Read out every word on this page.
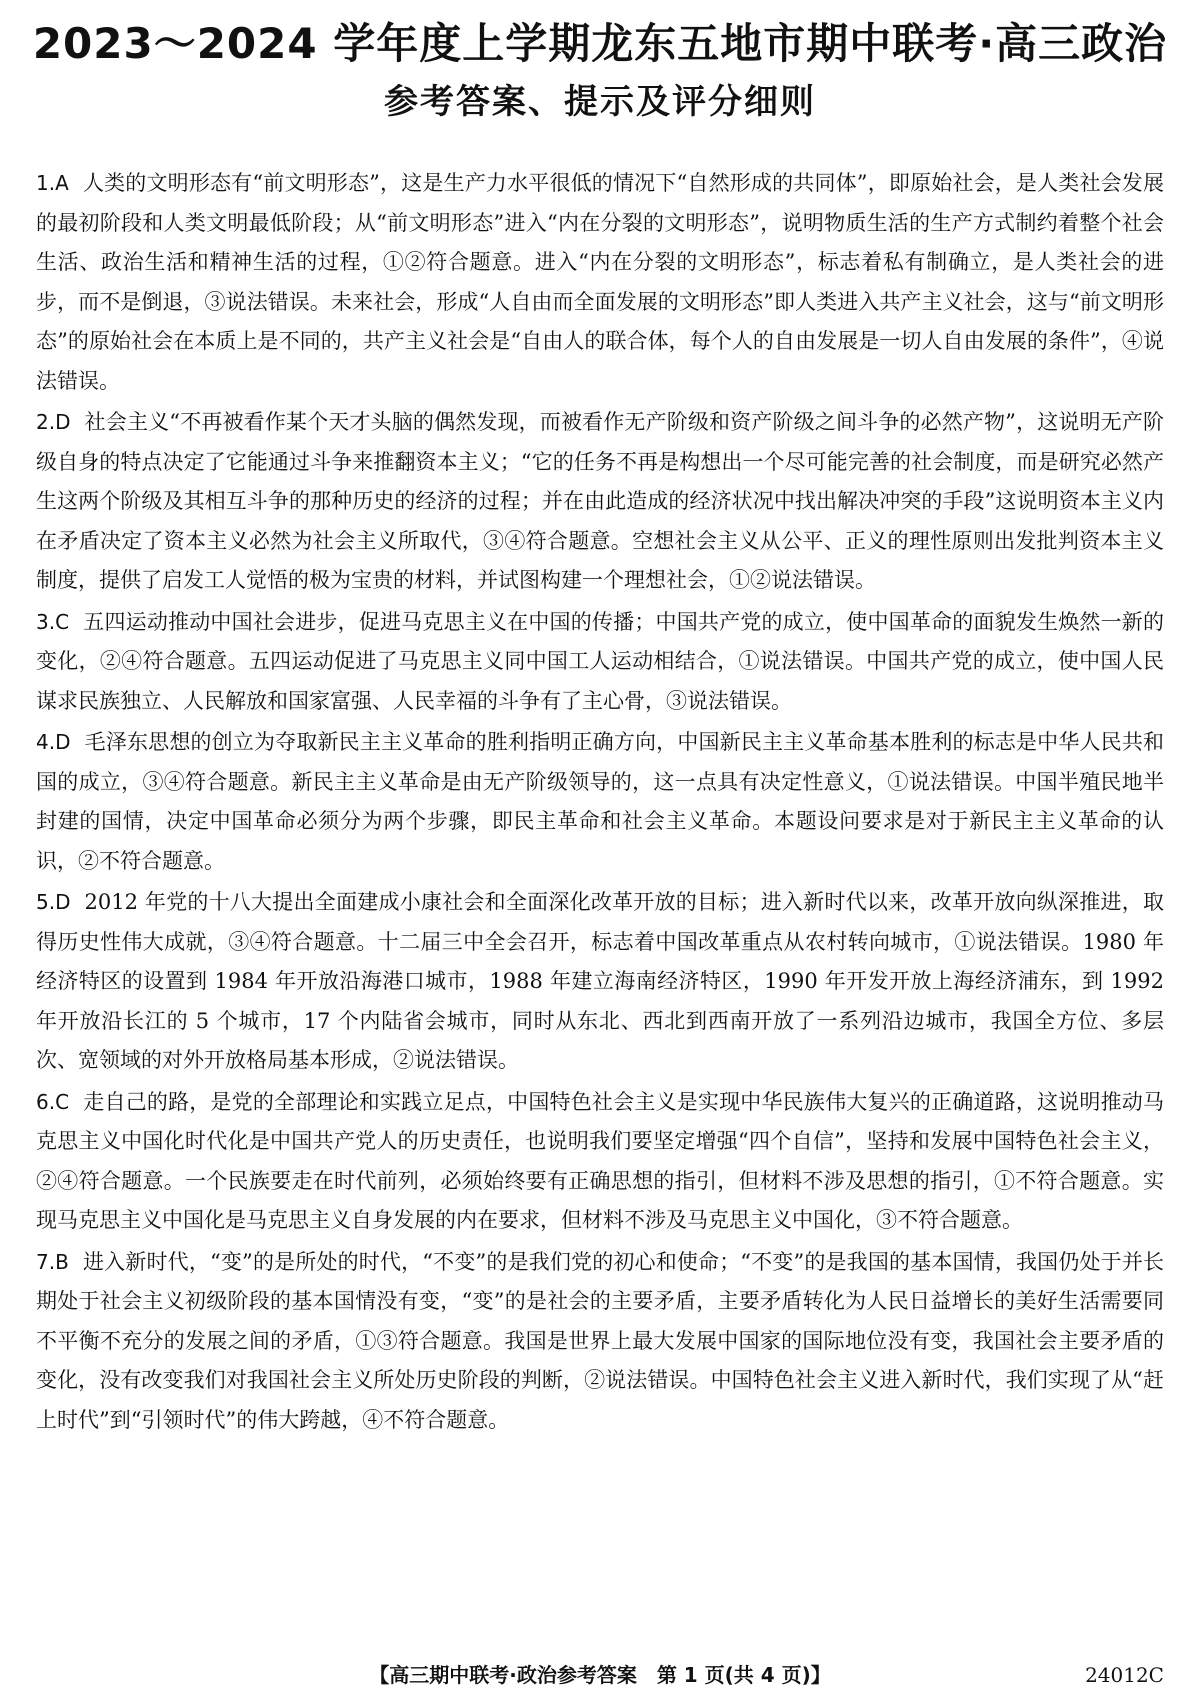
2023～2024 学年度上学期龙东五地市期中联考·高三政治
参考答案、提示及评分细则

1.A 人类的文明形态有“前文明形态”，这是生产力水平很低的情况下“自然形成的共同体”，即原始社会，是人类社会发展的最初阶段和人类文明最低阶段；从“前文明形态”进入“内在分裂的文明形态”，说明物质生活的生产方式制约着整个社会生活、政治生活和精神生活的过程，①②符合题意。进入“内在分裂的文明形态”，标志着私有制确立，是人类社会的进步，而不是倒退，③说法错误。未来社会，形成“人自由而全面发展的文明形态”即人类进入共产主义社会，这与“前文明形态”的原始社会在本质上是不同的，共产主义社会是“自由人的联合体，每个人的自由发展是一切人自由发展的条件”，④说法错误。

2.D 社会主义“不再被看作某个天才头脑的偶然发现，而被看作无产阶级和资产阶级之间斗争的必然产物”，这说明无产阶级自身的特点决定了它能通过斗争来推翻资本主义；“它的任务不再是构想出一个尽可能完善的社会制度，而是研究必然产生这两个阶级及其相互斗争的那种历史的经济的过程；并在由此造成的经济状况中找出解决冲突的手段”这说明资本主义内在矛盾决定了资本主义必然为社会主义所取代，③④符合题意。空想社会主义从公平、正义的理性原则出发批判资本主义制度，提供了启发工人觉悟的极为宝贵的材料，并试图构建一个理想社会，①②说法错误。

3.C 五四运动推动中国社会进步，促进马克思主义在中国的传播；中国共产党的成立，使中国革命的面貌发生焕然一新的变化，②④符合题意。五四运动促进了马克思主义同中国工人运动相结合，①说法错误。中国共产党的成立，使中国人民谋求民族独立、人民解放和国家富强、人民幸福的斗争有了主心骨，③说法错误。

4.D 毛泽东思想的创立为夺取新民主主义革命的胜利指明正确方向，中国新民主主义革命基本胜利的标志是中华人民共和国的成立，③④符合题意。新民主主义革命是由无产阶级领导的，这一点具有决定性意义，①说法错误。中国半殖民地半封建的国情，决定中国革命必须分为两个步骤，即民主革命和社会主义革命。本题设问要求是对于新民主主义革命的认识，②不符合题意。

5.D 2012 年党的十八大提出全面建成小康社会和全面深化改革开放的目标；进入新时代以来，改革开放向纵深推进，取得历史性伟大成就，③④符合题意。十二届三中全会召开，标志着中国改革重点从农村转向城市，①说法错误。1980 年经济特区的设置到 1984 年开放沿海港口城市，1988 年建立海南经济特区，1990 年开发开放上海经济浦东，到 1992 年开放沿长江的 5 个城市，17 个内陆省会城市，同时从东北、西北到西南开放了一系列沿边城市，我国全方位、多层次、宽领域的对外开放格局基本形成，②说法错误。

6.C 走自己的路，是党的全部理论和实践立足点，中国特色社会主义是实现中华民族伟大复兴的正确道路，这说明推动马克思主义中国化时代化是中国共产党人的历史责任，也说明我们要坚定增强“四个自信”，坚持和发展中国特色社会主义，②④符合题意。一个民族要走在时代前列，必须始终要有正确思想的指引，但材料不涉及思想的指引，①不符合题意。实现马克思主义中国化是马克思主义自身发展的内在要求，但材料不涉及马克思主义中国化，③不符合题意。

7.B 进入新时代，“变”的是所处的时代，“不变”的是我们党的初心和使命；“不变”的是我国的基本国情，我国仍处于并长期处于社会主义初级阶段的基本国情没有变，“变”的是社会的主要矛盾，主要矛盾转化为人民日益增长的美好生活需要同不平衡不充分的发展之间的矛盾，①③符合题意。我国是世界上最大发展中国家的国际地位没有变，我国社会主要矛盾的变化，没有改变我们对我国社会主义所处历史阶段的判断，②说法错误。中国特色社会主义进入新时代，我们实现了从“赶上时代”到“引领时代”的伟大跨越，④不符合题意。

【高三期中联考·政治参考答案　第 1 页(共 4 页)】	24012C
